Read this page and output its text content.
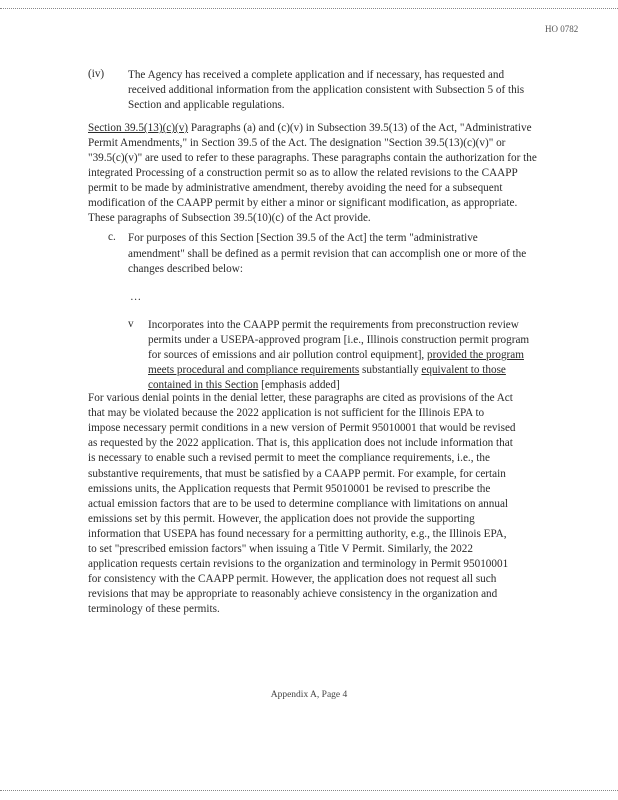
HO 0782
(iv) The Agency has received a complete application and if necessary, has requested and
received additional information from the application consistent with Subsection 5 of this
Section and applicable regulations.
Section 39.5(13)(c)(v) Paragraphs (a) and (c)(v) in Subsection 39.5(13) of the Act, "Administrative
Permit Amendments," in Section 39.5 of the Act. The designation "Section 39.5(13)(c)(v)" or
"39.5(c)(v)" are used to refer to these paragraphs. These paragraphs contain the authorization for the
integrated Processing of a construction permit so as to allow the related revisions to the CAAPP
permit to be made by administrative amendment, thereby avoiding the need for a subsequent
modification of the CAAPP permit by either a minor or significant modification, as appropriate.
These paragraphs of Subsection 39.5(10)(c) of the Act provide.
c. For purposes of this Section [Section 39.5 of the Act] the term "administrative
amendment" shall be defined as a permit revision that can accomplish one or more of the
changes described below:
…
v Incorporates into the CAAPP permit the requirements from preconstruction review
permits under a USEPA-approved program [i.e., Illinois construction permit program
for sources of emissions and air pollution control equipment], provided the program
meets procedural and compliance requirements substantially equivalent to those
contained in this Section [emphasis added]
For various denial points in the denial letter, these paragraphs are cited as provisions of the Act
that may be violated because the 2022 application is not sufficient for the Illinois EPA to
impose necessary permit conditions in a new version of Permit 95010001 that would be revised
as requested by the 2022 application. That is, this application does not include information that
is necessary to enable such a revised permit to meet the compliance requirements, i.e., the
substantive requirements, that must be satisfied by a CAAPP permit. For example, for certain
emissions units, the Application requests that Permit 95010001 be revised to prescribe the
actual emission factors that are to be used to determine compliance with limitations on annual
emissions set by this permit. However, the application does not provide the supporting
information that USEPA has found necessary for a permitting authority, e.g., the Illinois EPA,
to set "prescribed emission factors" when issuing a Title V Permit. Similarly, the 2022
application requests certain revisions to the organization and terminology in Permit 95010001
for consistency with the CAAPP permit. However, the application does not request all such
revisions that may be appropriate to reasonably achieve consistency in the organization and
terminology of these permits.
Appendix A, Page 4
